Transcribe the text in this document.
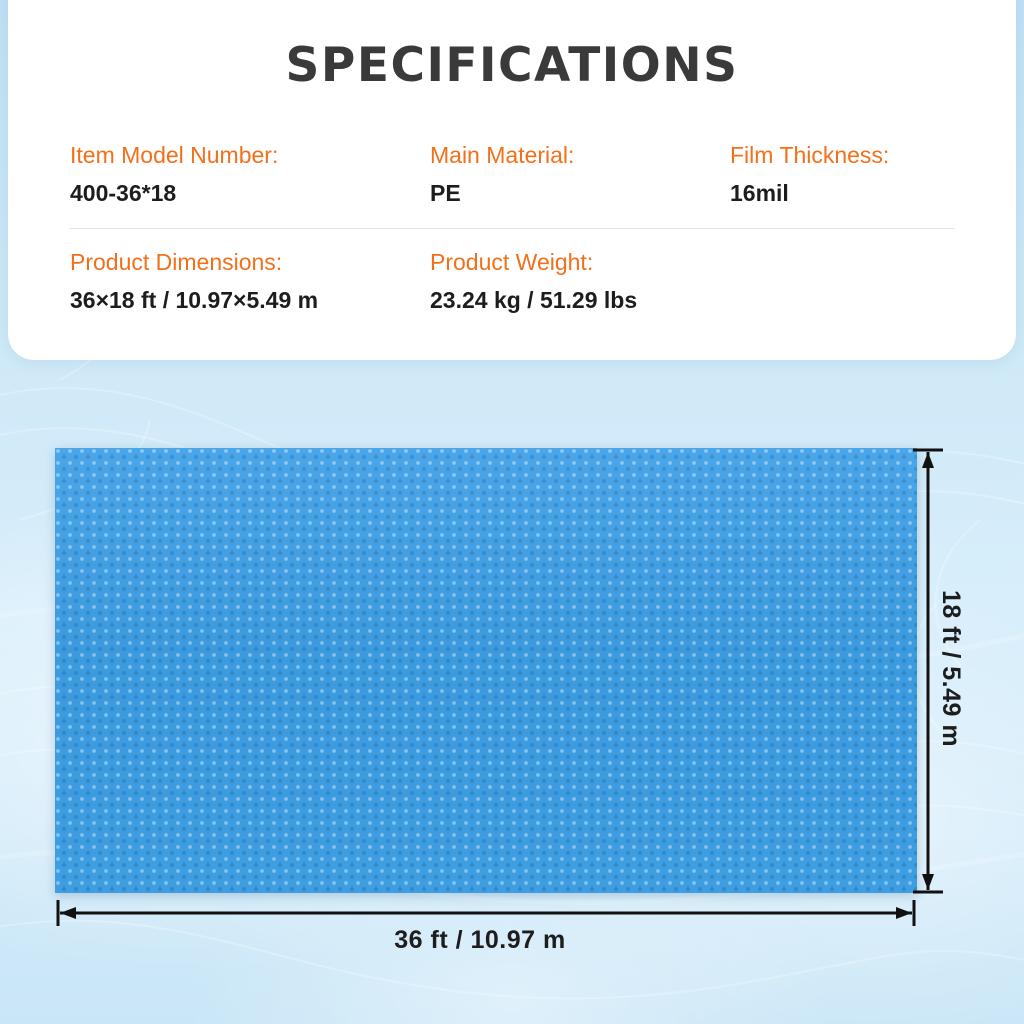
SPECIFICATIONS
Item Model Number:
400-36*18
Main Material:
PE
Film Thickness:
16mil
Product Dimensions:
36×18 ft / 10.97×5.49 m
Product Weight:
23.24 kg / 51.29 lbs
18 ft / 5.49 m
36 ft / 10.97 m
